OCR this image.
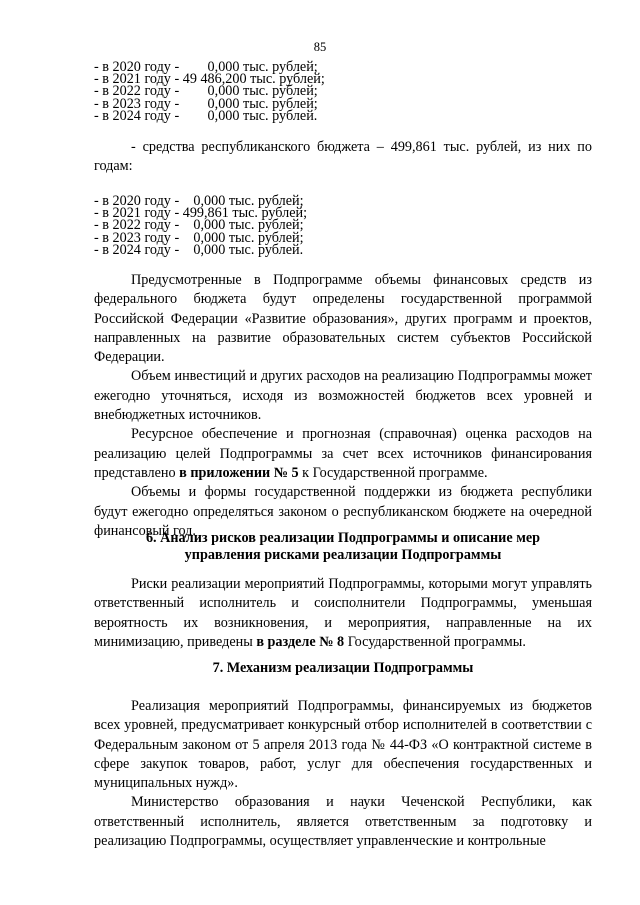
85
- в 2020 году -        0,000 тыс. рублей;
- в 2021 году - 49 486,200 тыс. рублей;
- в 2022 году -        0,000 тыс. рублей;
- в 2023 году -        0,000 тыс. рублей;
- в 2024 году -        0,000 тыс. рублей.

- средства республиканского бюджета – 499,861 тыс. рублей, из них по годам:

- в 2020 году -    0,000 тыс. рублей;
- в 2021 году - 499,861 тыс. рублей;
- в 2022 году -    0,000 тыс. рублей;
- в 2023 году -    0,000 тыс. рублей;
- в 2024 году -    0,000 тыс. рублей.

Предусмотренные в Подпрограмме объемы финансовых средств из федерального бюджета будут определены государственной программой Российской Федерации «Развитие образования», других программ и проектов, направленных на развитие образовательных систем субъектов Российской Федерации.

Объем инвестиций и других расходов на реализацию Подпрограммы может ежегодно уточняться, исходя из возможностей бюджетов всех уровней и внебюджетных источников.

Ресурсное обеспечение и прогнозная (справочная) оценка расходов на реализацию целей Подпрограммы за счет всех источников финансирования представлено в приложении № 5 к Государственной программе.

Объемы и формы государственной поддержки из бюджета республики будут ежегодно определяться законом о республиканском бюджете на очередной финансовый год.

6. Анализ рисков реализации Подпрограммы и описание мер
управления рисками реализации Подпрограммы

Риски реализации мероприятий Подпрограммы, которыми могут управлять ответственный исполнитель и соисполнители Подпрограммы, уменьшая вероятность их возникновения, и мероприятия, направленные на их минимизацию, приведены в разделе № 8 Государственной программы.

7. Механизм реализации Подпрограммы

Реализация мероприятий Подпрограммы, финансируемых из бюджетов всех уровней, предусматривает конкурсный отбор исполнителей в соответствии с Федеральным законом от 5 апреля 2013 года № 44-ФЗ «О контрактной системе в сфере закупок товаров, работ, услуг для обеспечения государственных и муниципальных нужд».

Министерство образования и науки Чеченской Республики, как ответственный исполнитель, является ответственным за подготовку и реализацию Подпрограммы, осуществляет управленческие и контрольные
